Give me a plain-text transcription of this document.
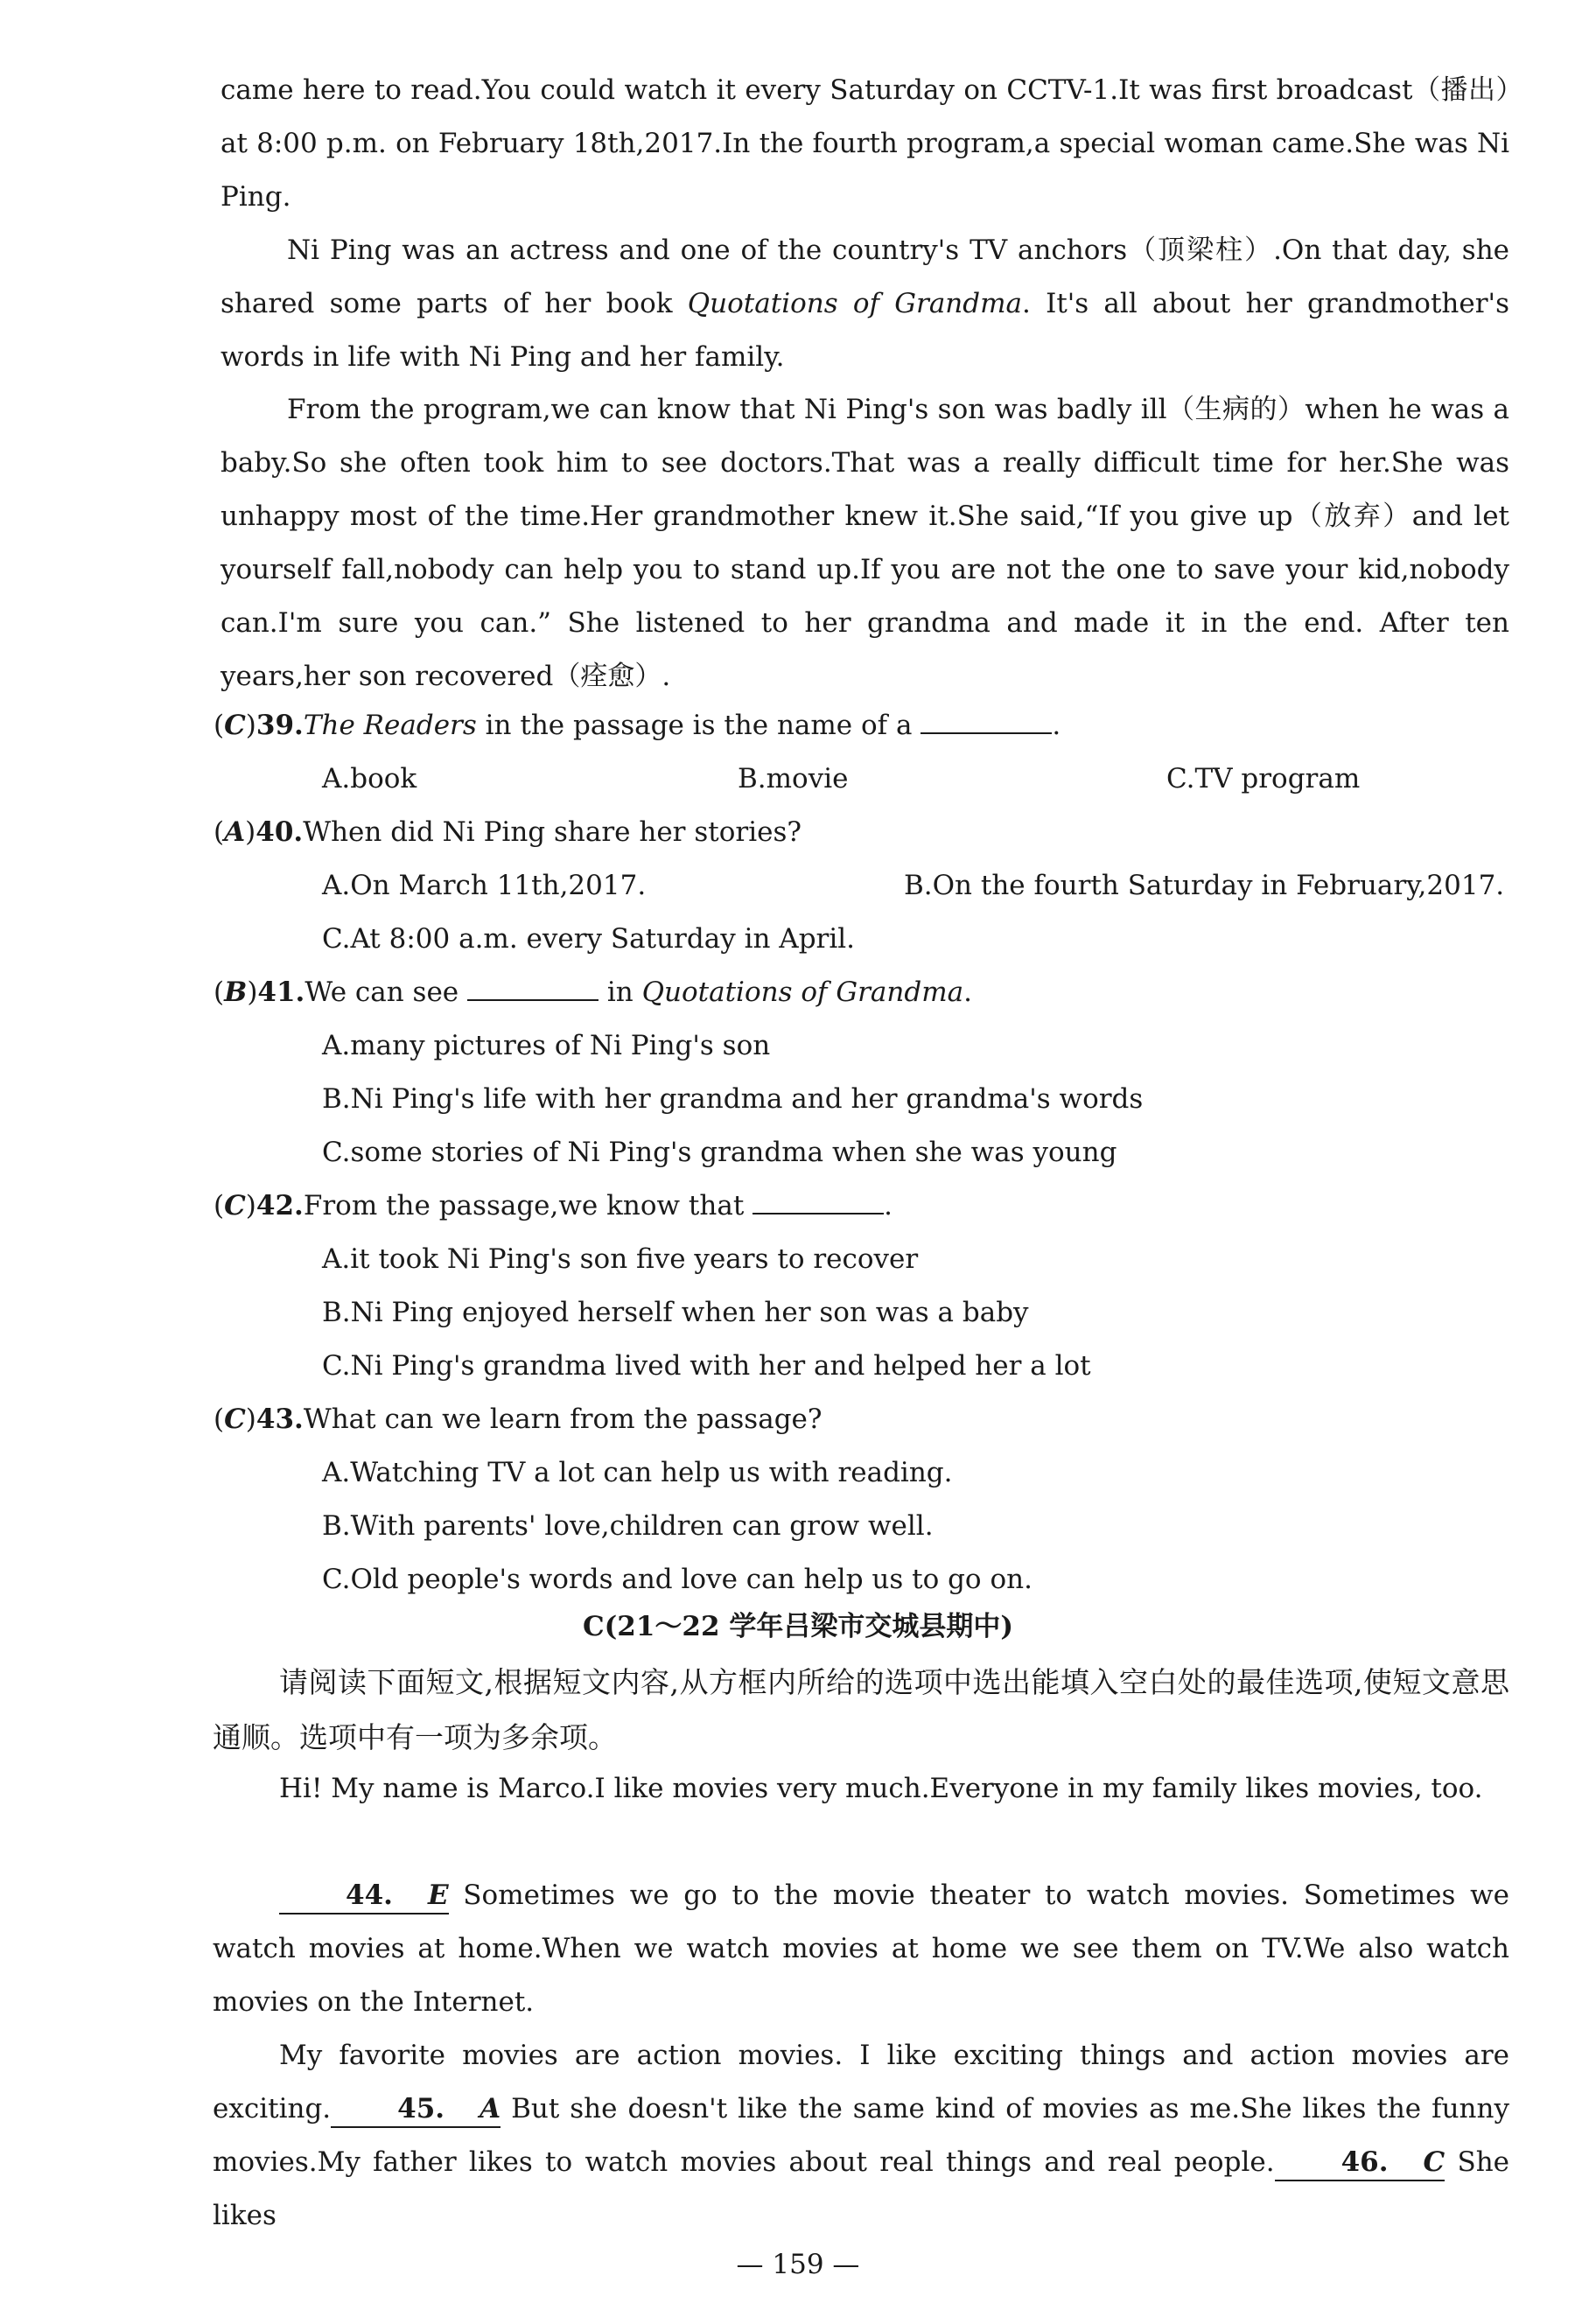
came here to read.You could watch it every Saturday on CCTV-1.It was first broadcast（播出）at 8:00 p.m. on February 18th,2017.In the fourth program,a special woman came.She was Ni Ping.

Ni Ping was an actress and one of the country's TV anchors（顶梁柱）.On that day, she shared some parts of her book Quotations of Grandma. It's all about her grandmother's words in life with Ni Ping and her family.

From the program,we can know that Ni Ping's son was badly ill（生病的）when he was a baby.So she often took him to see doctors.That was a really difficult time for her.She was unhappy most of the time.Her grandmother knew it.She said,“If you give up（放弃）and let yourself fall,nobody can help you to stand up.If you are not the one to save your kid,nobody can.I'm sure you can.” She listened to her grandma and made it in the end. After ten years,her son recovered（痊愈）.

(C)39.The Readers in the passage is the name of a	.
A.book	B.movie	C.TV program
(A)40.When did Ni Ping share her stories?
A.On March 11th,2017.	B.On the fourth Saturday in February,2017.
C.At 8:00 a.m. every Saturday in April.
(B)41.We can see	in Quotations of Grandma.
A.many pictures of Ni Ping's son
B.Ni Ping's life with her grandma and her grandma's words
C.some stories of Ni Ping's grandma when she was young
(C)42.From the passage,we know that	.
A.it took Ni Ping's son five years to recover
B.Ni Ping enjoyed herself when her son was a baby
C.Ni Ping's grandma lived with her and helped her a lot
(C)43.What can we learn from the passage?
A.Watching TV a lot can help us with reading.
B.With parents' love,children can grow well.
C.Old people's words and love can help us to go on.
C(21～22 学年吕梁市交城县期中)

请阅读下面短文,根据短文内容,从方框内所给的选项中选出能填入空白处的最佳选项,使短文意思通顺。选项中有一项为多余项。

Hi! My name is Marco.I like movies very much.Everyone in my family likes movies, too.

44. E Sometimes we go to the movie theater to watch movies. Sometimes we watch movies at home.When we watch movies at home we see them on TV.We also watch movies on the Internet.

My favorite movies are action movies. I like exciting things and action movies are exciting. 45. A But she doesn't like the same kind of movies as me.She likes the funny movies.My father likes to watch movies about real things and real people. 46. C She likes

— 159 —
